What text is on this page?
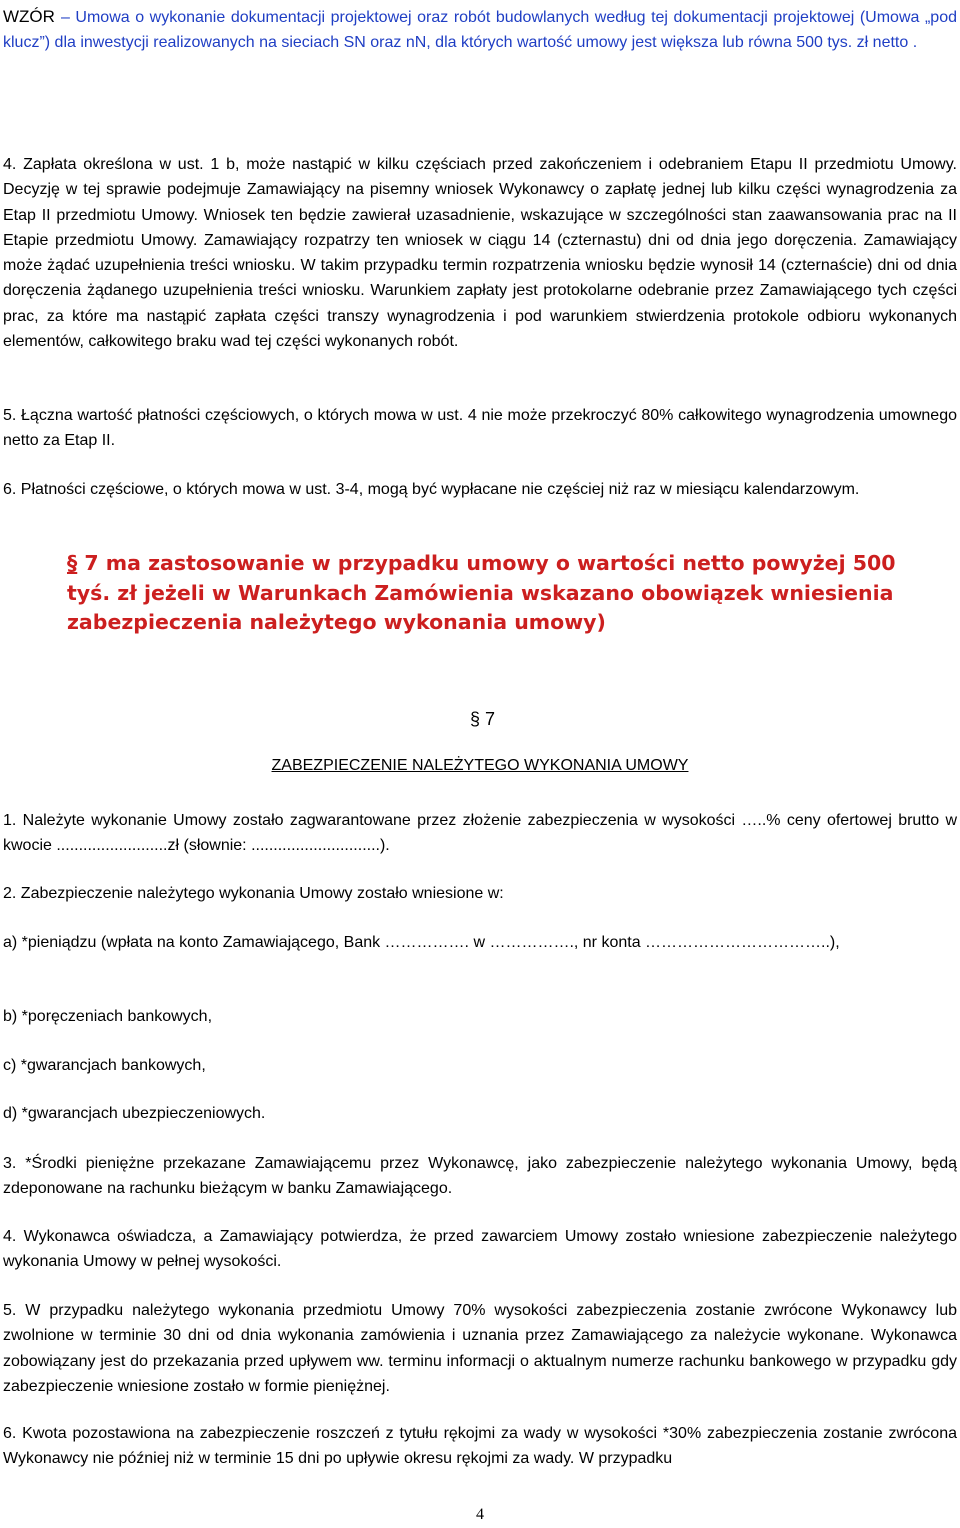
WZÓR – Umowa o wykonanie dokumentacji projektowej oraz robót budowlanych według tej dokumentacji projektowej (Umowa „pod klucz”) dla inwestycji realizowanych na sieciach SN oraz nN, dla których wartość umowy jest większa lub równa 500 tys. zł netto .
4. Zapłata określona w ust. 1 b, może nastąpić w kilku częściach przed zakończeniem i odebraniem Etapu II przedmiotu Umowy. Decyzję w tej sprawie podejmuje Zamawiający na pisemny wniosek Wykonawcy o zapłatę jednej lub kilku części wynagrodzenia za Etap II przedmiotu Umowy. Wniosek ten będzie zawierał uzasadnienie, wskazujące w szczególności stan zaawansowania prac na II Etapie przedmiotu Umowy. Zamawiający rozpatrzy ten wniosek w ciągu 14 (czternastu) dni od dnia jego doręczenia. Zamawiający może żądać uzupełnienia treści wniosku. W takim przypadku termin rozpatrzenia wniosku będzie wynosił 14 (czternaście) dni od dnia doręczenia żądanego uzupełnienia treści wniosku. Warunkiem zapłaty jest protokolarne odebranie przez Zamawiającego tych części prac, za które ma nastąpić zapłata części transzy wynagrodzenia i pod warunkiem stwierdzenia protokole odbioru wykonanych elementów, całkowitego braku wad tej części wykonanych robót.
5. Łączna wartość płatności częściowych, o których mowa w ust. 4 nie może przekroczyć 80% całkowitego wynagrodzenia umownego netto za Etap II.
6. Płatności częściowe, o których mowa w ust. 3-4, mogą być wypłacane nie częściej niż raz w miesiącu kalendarzowym.
§ 7 ma zastosowanie w przypadku umowy o wartości netto powyżej 500 tyś. zł jeżeli w Warunkach Zamówienia wskazano obowiązek wniesienia zabezpieczenia należytego wykonania umowy)
§ 7
ZABEZPIECZENIE NALEŻYTEGO WYKONANIA UMOWY
1. Należyte wykonanie Umowy zostało zagwarantowane przez złożenie zabezpieczenia w wysokości …..% ceny ofertowej brutto w kwocie .........................zł (słownie: .............................).
2. Zabezpieczenie należytego wykonania Umowy zostało wniesione w:
a) *pieniądzu (wpłata na konto Zamawiającego, Bank ……………. w ……………., nr konta ……………………………..),
b) *poręczeniach bankowych,
c) *gwarancjach bankowych,
d) *gwarancjach ubezpieczeniowych.
3. *Środki pieniężne przekazane Zamawiającemu przez Wykonawcę, jako zabezpieczenie należytego wykonania Umowy, będą zdeponowane na rachunku bieżącym w banku Zamawiającego.
4. Wykonawca oświadcza, a Zamawiający potwierdza, że przed zawarciem Umowy zostało wniesione zabezpieczenie należytego wykonania Umowy w pełnej wysokości.
5. W przypadku należytego wykonania przedmiotu Umowy 70% wysokości zabezpieczenia zostanie zwrócone Wykonawcy lub zwolnione w terminie 30 dni od dnia wykonania zamówienia i uznania przez Zamawiającego za należycie wykonane. Wykonawca zobowiązany jest do przekazania przed upływem ww. terminu informacji o aktualnym numerze rachunku bankowego w przypadku gdy zabezpieczenie wniesione zostało w formie pieniężnej.
6. Kwota pozostawiona na zabezpieczenie roszczeń z tytułu rękojmi za wady w wysokości *30% zabezpieczenia zostanie zwrócona Wykonawcy nie później niż w terminie 15 dni po upływie okresu rękojmi za wady. W przypadku
4
